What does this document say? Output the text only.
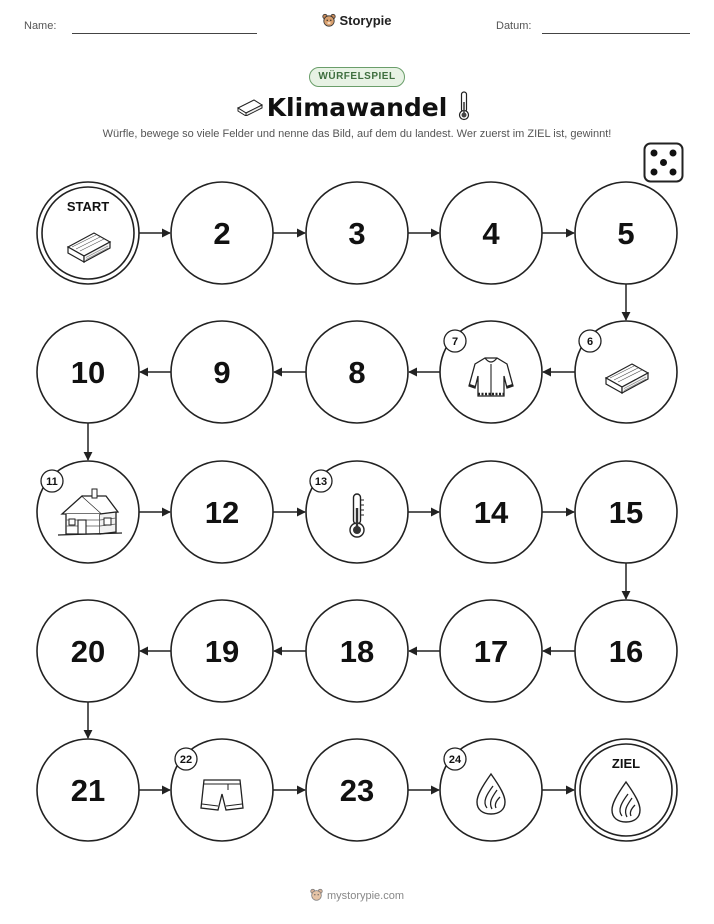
Name:	Storypie	Datum:
WÜRFELSPIEL
Klimawandel
Würfle, bewege so viele Felder und nenne das Bild, auf dem du landest. Wer zuerst im ZIEL ist, gewinnt!
START
2	3	4	5
6
7
8
9
10
11
12
13
14	15
16
17
18
19
20
21
22
23
24	ZIEL
mystorypie.com
